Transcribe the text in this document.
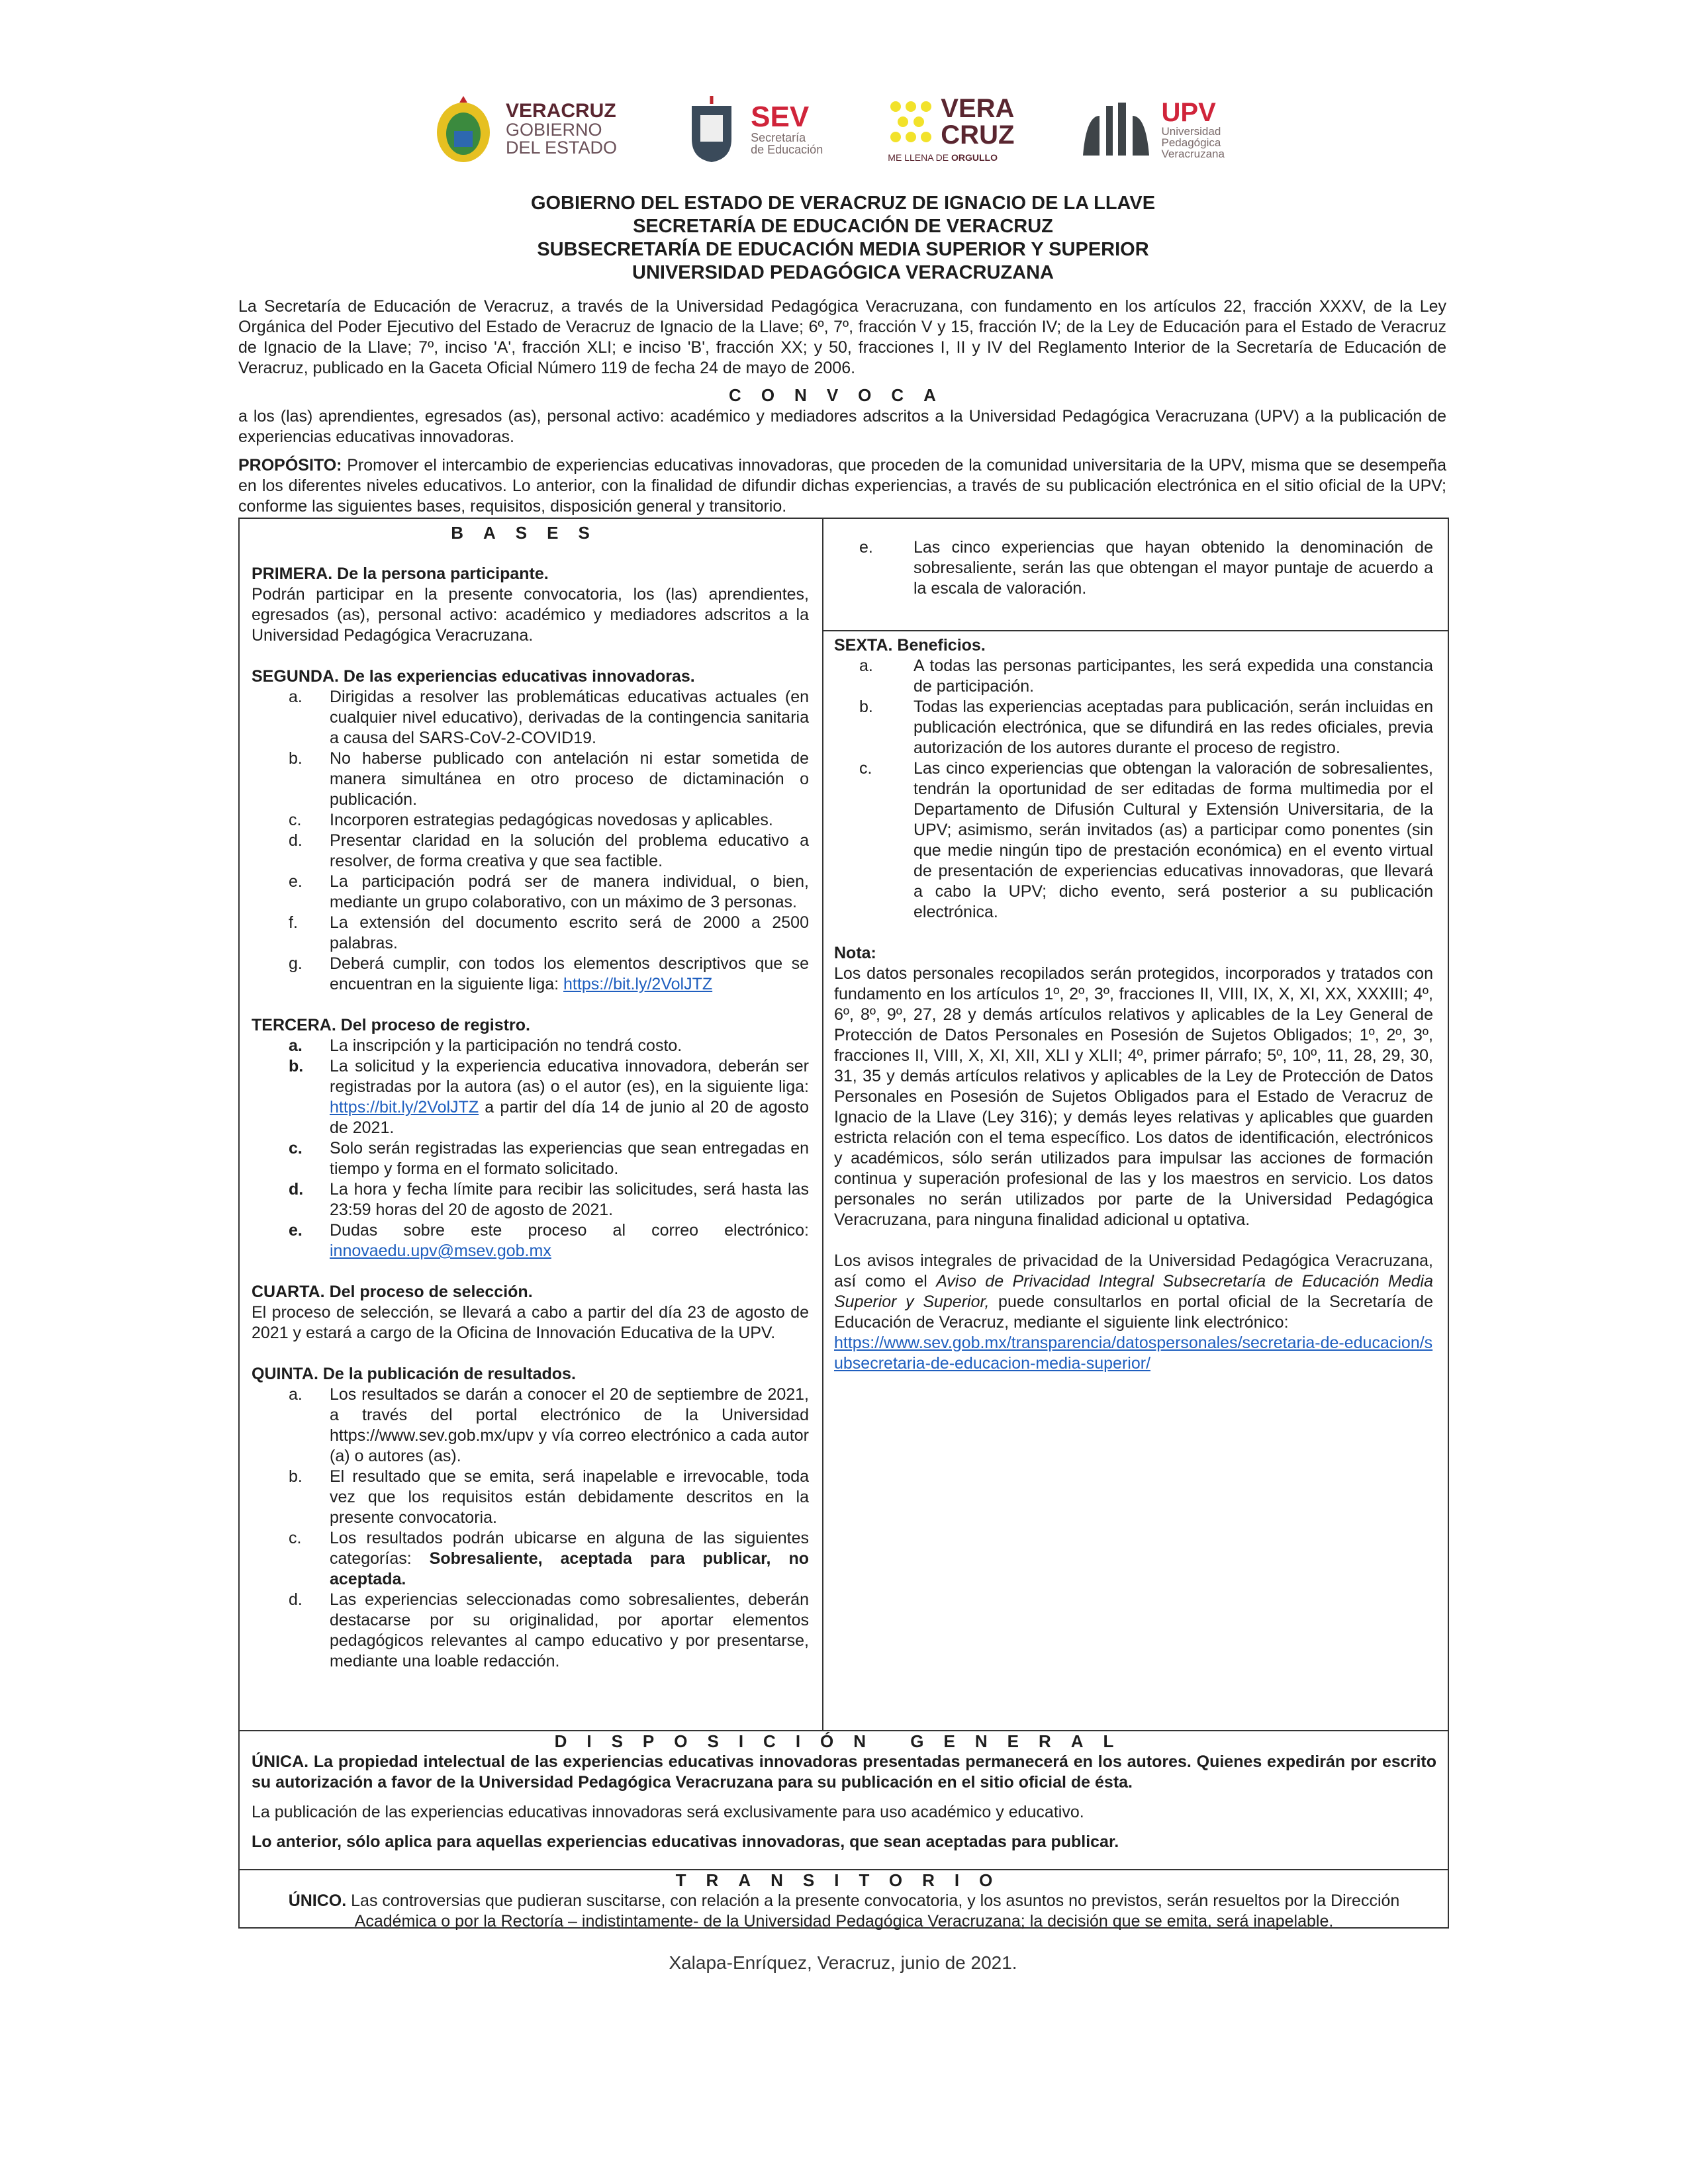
VERACRUZ
GOBIERNO
DEL ESTADO
SEV
Secretaría
de Educación
VERA
CRUZ
ME LLENA DE ORGULLO
UPV
Universidad
Pedagógica
Veracruzana
GOBIERNO DEL ESTADO DE VERACRUZ DE IGNACIO DE LA LLAVE
SECRETARÍA DE EDUCACIÓN DE VERACRUZ
SUBSECRETARÍA DE EDUCACIÓN MEDIA SUPERIOR Y SUPERIOR
UNIVERSIDAD PEDAGÓGICA VERACRUZANA
La Secretaría de Educación de Veracruz, a través de la Universidad Pedagógica Veracruzana, con fundamento en los artículos 22, fracción XXXV, de la Ley Orgánica del Poder Ejecutivo del Estado de Veracruz de Ignacio de la Llave; 6º, 7º, fracción V y 15, fracción IV; de la Ley de Educación para el Estado de Veracruz de Ignacio de la Llave; 7º, inciso 'A', fracción XLI; e inciso 'B', fracción XX; y 50, fracciones I, II y IV del Reglamento Interior de la Secretaría de Educación de Veracruz, publicado en la Gaceta Oficial Número 119 de fecha 24 de mayo de 2006.
CONVOCA
a los (las) aprendientes, egresados (as), personal activo: académico y mediadores adscritos a la Universidad Pedagógica Veracruzana (UPV) a la publicación de experiencias educativas innovadoras.
PROPÓSITO: Promover el intercambio de experiencias educativas innovadoras, que proceden de la comunidad universitaria de la UPV, misma que se desempeña en los diferentes niveles educativos. Lo anterior, con la finalidad de difundir dichas experiencias, a través de su publicación electrónica en el sitio oficial de la UPV; conforme las siguientes bases, requisitos, disposición general y transitorio.
BASES
PRIMERA. De la persona participante.
Podrán participar en la presente convocatoria, los (las) aprendientes, egresados (as), personal activo: académico y mediadores adscritos a la Universidad Pedagógica Veracruzana.
SEGUNDA. De las experiencias educativas innovadoras.
a.	Dirigidas a resolver las problemáticas educativas actuales (en cualquier nivel educativo), derivadas de la contingencia sanitaria a causa del SARS-CoV-2-COVID19.
b.	No haberse publicado con antelación ni estar sometida de manera simultánea en otro proceso de dictaminación o publicación.
c.	Incorporen estrategias pedagógicas novedosas y aplicables.
d.	Presentar claridad en la solución del problema educativo a resolver, de forma creativa y que sea factible.
e.	La participación podrá ser de manera individual, o bien, mediante un grupo colaborativo, con un máximo de 3 personas.
f.	La extensión del documento escrito será de 2000 a 2500 palabras.
g.	Deberá cumplir, con todos los elementos descriptivos que se encuentran en la siguiente liga: https://bit.ly/2VolJTZ
TERCERA. Del proceso de registro.
a.	La inscripción y la participación no tendrá costo.
b.	La solicitud y la experiencia educativa innovadora, deberán ser registradas por la autora (as) o el autor (es), en la siguiente liga: https://bit.ly/2VolJTZ a partir del día 14 de junio al 20 de agosto de 2021.
c.	Solo serán registradas las experiencias que sean entregadas en tiempo y forma en el formato solicitado.
d.	La hora y fecha límite para recibir las solicitudes, será hasta las 23:59 horas del 20 de agosto de 2021.
e.	Dudas sobre este proceso al correo electrónico: innovaedu.upv@msev.gob.mx
CUARTA. Del proceso de selección.
El proceso de selección, se llevará a cabo a partir del día 23 de agosto de 2021 y estará a cargo de la Oficina de Innovación Educativa de la UPV.
QUINTA. De la publicación de resultados.
a.	Los resultados se darán a conocer el 20 de septiembre de 2021, a través del portal electrónico de la Universidad https://www.sev.gob.mx/upv y vía correo electrónico a cada autor (a) o autores (as).
b.	El resultado que se emita, será inapelable e irrevocable, toda vez que los requisitos están debidamente descritos en la presente convocatoria.
c.	Los resultados podrán ubicarse en alguna de las siguientes categorías: Sobresaliente, aceptada para publicar, no aceptada.
d.	Las experiencias seleccionadas como sobresalientes, deberán destacarse por su originalidad, por aportar elementos pedagógicos relevantes al campo educativo y por presentarse, mediante una loable redacción.
e.	Las cinco experiencias que hayan obtenido la denominación de sobresaliente, serán las que obtengan el mayor puntaje de acuerdo a la escala de valoración.
SEXTA. Beneficios.
a.	A todas las personas participantes, les será expedida una constancia de participación.
b.	Todas las experiencias aceptadas para publicación, serán incluidas en publicación electrónica, que se difundirá en las redes oficiales, previa autorización de los autores durante el proceso de registro.
c.	Las cinco experiencias que obtengan la valoración de sobresalientes, tendrán la oportunidad de ser editadas de forma multimedia por el Departamento de Difusión Cultural y Extensión Universitaria, de la UPV; asimismo, serán invitados (as) a participar como ponentes (sin que medie ningún tipo de prestación económica) en el evento virtual de presentación de experiencias educativas innovadoras, que llevará a cabo la UPV; dicho evento, será posterior a su publicación electrónica.
Nota:
Los datos personales recopilados serán protegidos, incorporados y tratados con fundamento en los artículos 1º, 2º, 3º, fracciones II, VIII, IX, X, XI, XX, XXXIII; 4º, 6º, 8º, 9º, 27, 28 y demás artículos relativos y aplicables de la Ley General de Protección de Datos Personales en Posesión de Sujetos Obligados; 1º, 2º, 3º, fracciones II, VIII, X, XI, XII, XLI y XLII; 4º, primer párrafo; 5º, 10º, 11, 28, 29, 30, 31, 35 y demás artículos relativos y aplicables de la Ley de Protección de Datos Personales en Posesión de Sujetos Obligados para el Estado de Veracruz de Ignacio de la Llave (Ley 316); y demás leyes relativas y aplicables que guarden estricta relación con el tema específico. Los datos de identificación, electrónicos y académicos, sólo serán utilizados para impulsar las acciones de formación continua y superación profesional de las y los maestros en servicio. Los datos personales no serán utilizados por parte de la Universidad Pedagógica Veracruzana, para ninguna finalidad adicional u optativa.
Los avisos integrales de privacidad de la Universidad Pedagógica Veracruzana, así como el Aviso de Privacidad Integral Subsecretaría de Educación Media Superior y Superior, puede consultarlos en portal oficial de la Secretaría de Educación de Veracruz, mediante el siguiente link electrónico:
https://www.sev.gob.mx/transparencia/datospersonales/secretaria-de-educacion/subsecretaria-de-educacion-media-superior/
DISPOSICIÓN GENERAL
ÚNICA. La propiedad intelectual de las experiencias educativas innovadoras presentadas permanecerá en los autores. Quienes expedirán por escrito su autorización a favor de la Universidad Pedagógica Veracruzana para su publicación en el sitio oficial de ésta.
La publicación de las experiencias educativas innovadoras será exclusivamente para uso académico y educativo.
Lo anterior, sólo aplica para aquellas experiencias educativas innovadoras, que sean aceptadas para publicar.
TRANSITORIO
ÚNICO. Las controversias que pudieran suscitarse, con relación a la presente convocatoria, y los asuntos no previstos, serán resueltos por la Dirección Académica o por la Rectoría – indistintamente- de la Universidad Pedagógica Veracruzana; la decisión que se emita, será inapelable.
Xalapa-Enríquez, Veracruz, junio de 2021.
